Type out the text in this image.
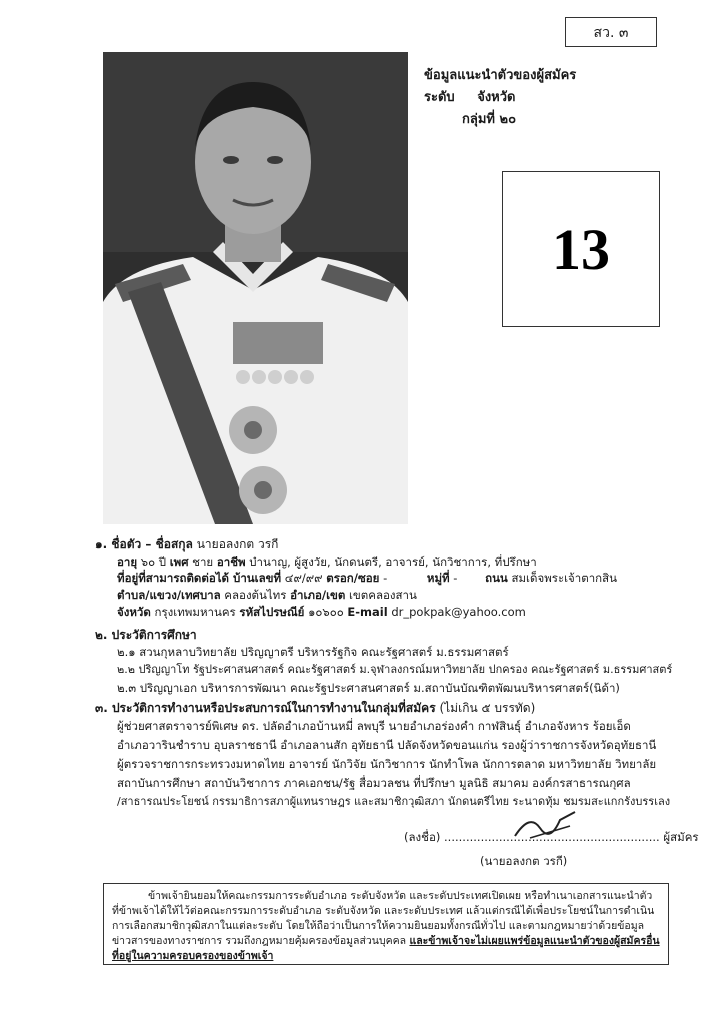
สว. ๓
ข้อมูลแนะนำตัวของผู้สมัคร
ระดับ จังหวัด
กลุ่มที่ ๒๐
13
๑. ชื่อตัว – ชื่อสกุล นายอลงกต วรกี
อายุ ๖๐ ปี เพศ ชาย อาชีพ บำนาญ, ผู้สูงวัย, นักดนตรี, อาจารย์, นักวิชาการ, ที่ปรึกษา
ที่อยู่ที่สามารถติดต่อได้ บ้านเลขที่ ๔๙/๙๙ ตรอก/ซอย -	หมู่ที่ - ถนน สมเด็จพระเจ้าตากสิน
ตำบล/แขวง/เทศบาล คลองต้นไทร อำเภอ/เขต เขตคลองสาน
จังหวัด กรุงเทพมหานคร รหัสไปรษณีย์ ๑๐๖๐๐ E-mail dr_pokpak@yahoo.com
๒. ประวัติการศึกษา
๒.๑ สวนกุหลาบวิทยาลัย ปริญญาตรี บริหารรัฐกิจ คณะรัฐศาสตร์ ม.ธรรมศาสตร์
๒.๒ ปริญญาโท รัฐประศาสนศาสตร์ คณะรัฐศาสตร์ ม.จุฬาลงกรณ์มหาวิทยาลัย ปกครอง คณะรัฐศาสตร์ ม.ธรรมศาสตร์
๒.๓ ปริญญาเอก บริหารการพัฒนา คณะรัฐประศาสนศาสตร์ ม.สถาบันบัณฑิตพัฒนบริหารศาสตร์(นิด้า)
๓. ประวัติการทำงานหรือประสบการณ์ในการทำงานในกลุ่มที่สมัคร (ไม่เกิน ๕ บรรทัด)
ผู้ช่วยศาสตราจารย์พิเศษ ดร. ปลัดอำเภอบ้านหมี่ ลพบุรี นายอำเภอร่องคำ กาฬสินธุ์ อำเภอจังหาร ร้อยเอ็ด
อำเภอวารินชำราบ อุบลราชธานี อำเภอลานสัก อุทัยธานี ปลัดจังหวัดขอนแก่น รองผู้ว่าราชการจังหวัดอุทัยธานี
ผู้ตรวจราชการกระทรวงมหาดไทย อาจารย์ นักวิจัย นักวิชาการ นักทำโพล นักการตลาด มหาวิทยาลัย วิทยาลัย
สถาบันการศึกษา สถาบันวิชาการ ภาคเอกชน/รัฐ สื่อมวลชน ที่ปรึกษา มูลนิธิ สมาคม องค์กรสาธารณกุศล
/สาธารณประโยชน์ กรรมาธิการสภาผู้แทนราษฎร และสมาชิกวุฒิสภา นักดนตรีไทย ระนาดทุ้ม ชมรมสะแกกรังบรรเลง
(ลงชื่อ) ........................................................... ผู้สมัคร
(นายอลงกต วรกี)

ข้าพเจ้ายินยอมให้คณะกรรมการระดับอำเภอ ระดับจังหวัด และระดับประเทศเปิดเผย หรือทำเนาเอกสารแนะนำตัว ที่ข้าพเจ้าได้ให้ไว้ต่อคณะกรรมการระดับอำเภอ ระดับจังหวัด และระดับประเทศ แล้วแต่กรณีได้เพื่อประโยชน์ในการดำเนินการเลือกสมาชิกวุฒิสภาในแต่ละระดับ โดยให้ถือว่าเป็นการให้ความยินยอมทั้งกรณีทั่วไป และตามกฎหมายว่าด้วยข้อมูลข่าวสารของทางราชการ รวมถึงกฎหมายคุ้มครองข้อมูลส่วนบุคคล และข้าพเจ้าจะไม่เผยแพร่ข้อมูลแนะนำตัวของผู้สมัครอื่นที่อยู่ในความครอบครองของข้าพเจ้า
